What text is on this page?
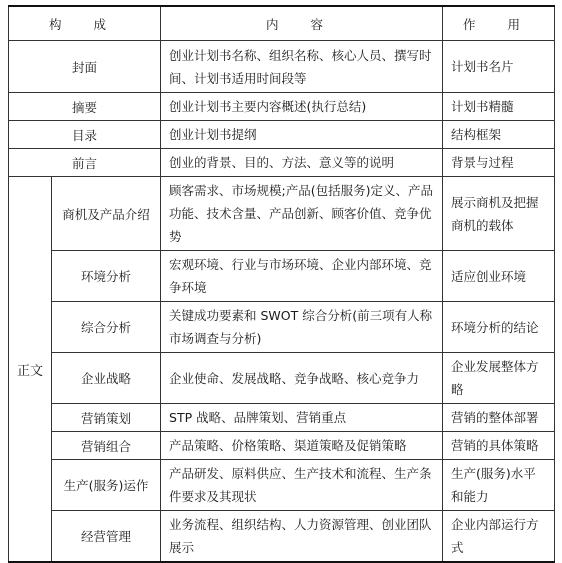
构 成		内 容	作 用
封面		创业计划书名称、组织名称、核心人员、撰写时间、计划书适用时间段等	计划书名片
摘要		创业计划书主要内容概述(执行总结)	计划书精髓
目录		创业计划书提纲	结构框架
前言		创业的背景、目的、方法、意义等的说明	背景与过程
正文	商机及产品介绍	顾客需求、市场规模;产品(包括服务)定义、产品功能、技术含量、产品创新、顾客价值、竞争优势	展示商机及把握商机的载体
	环境分析	宏观环境、行业与市场环境、企业内部环境、竞争环境	适应创业环境
	综合分析	关键成功要素和 SWOT 综合分析(前三项有人称市场调查与分析)	环境分析的结论
	企业战略	企业使命、发展战略、竞争战略、核心竞争力	企业发展整体方略
	营销策划	STP 战略、品牌策划、营销重点	营销的整体部署
	营销组合	产品策略、价格策略、渠道策略及促销策略	营销的具体策略
	生产(服务)运作	产品研发、原料供应、生产技术和流程、生产条件要求及其现状	生产(服务)水平和能力
	经营管理	业务流程、组织结构、人力资源管理、创业团队展示	企业内部运行方式
